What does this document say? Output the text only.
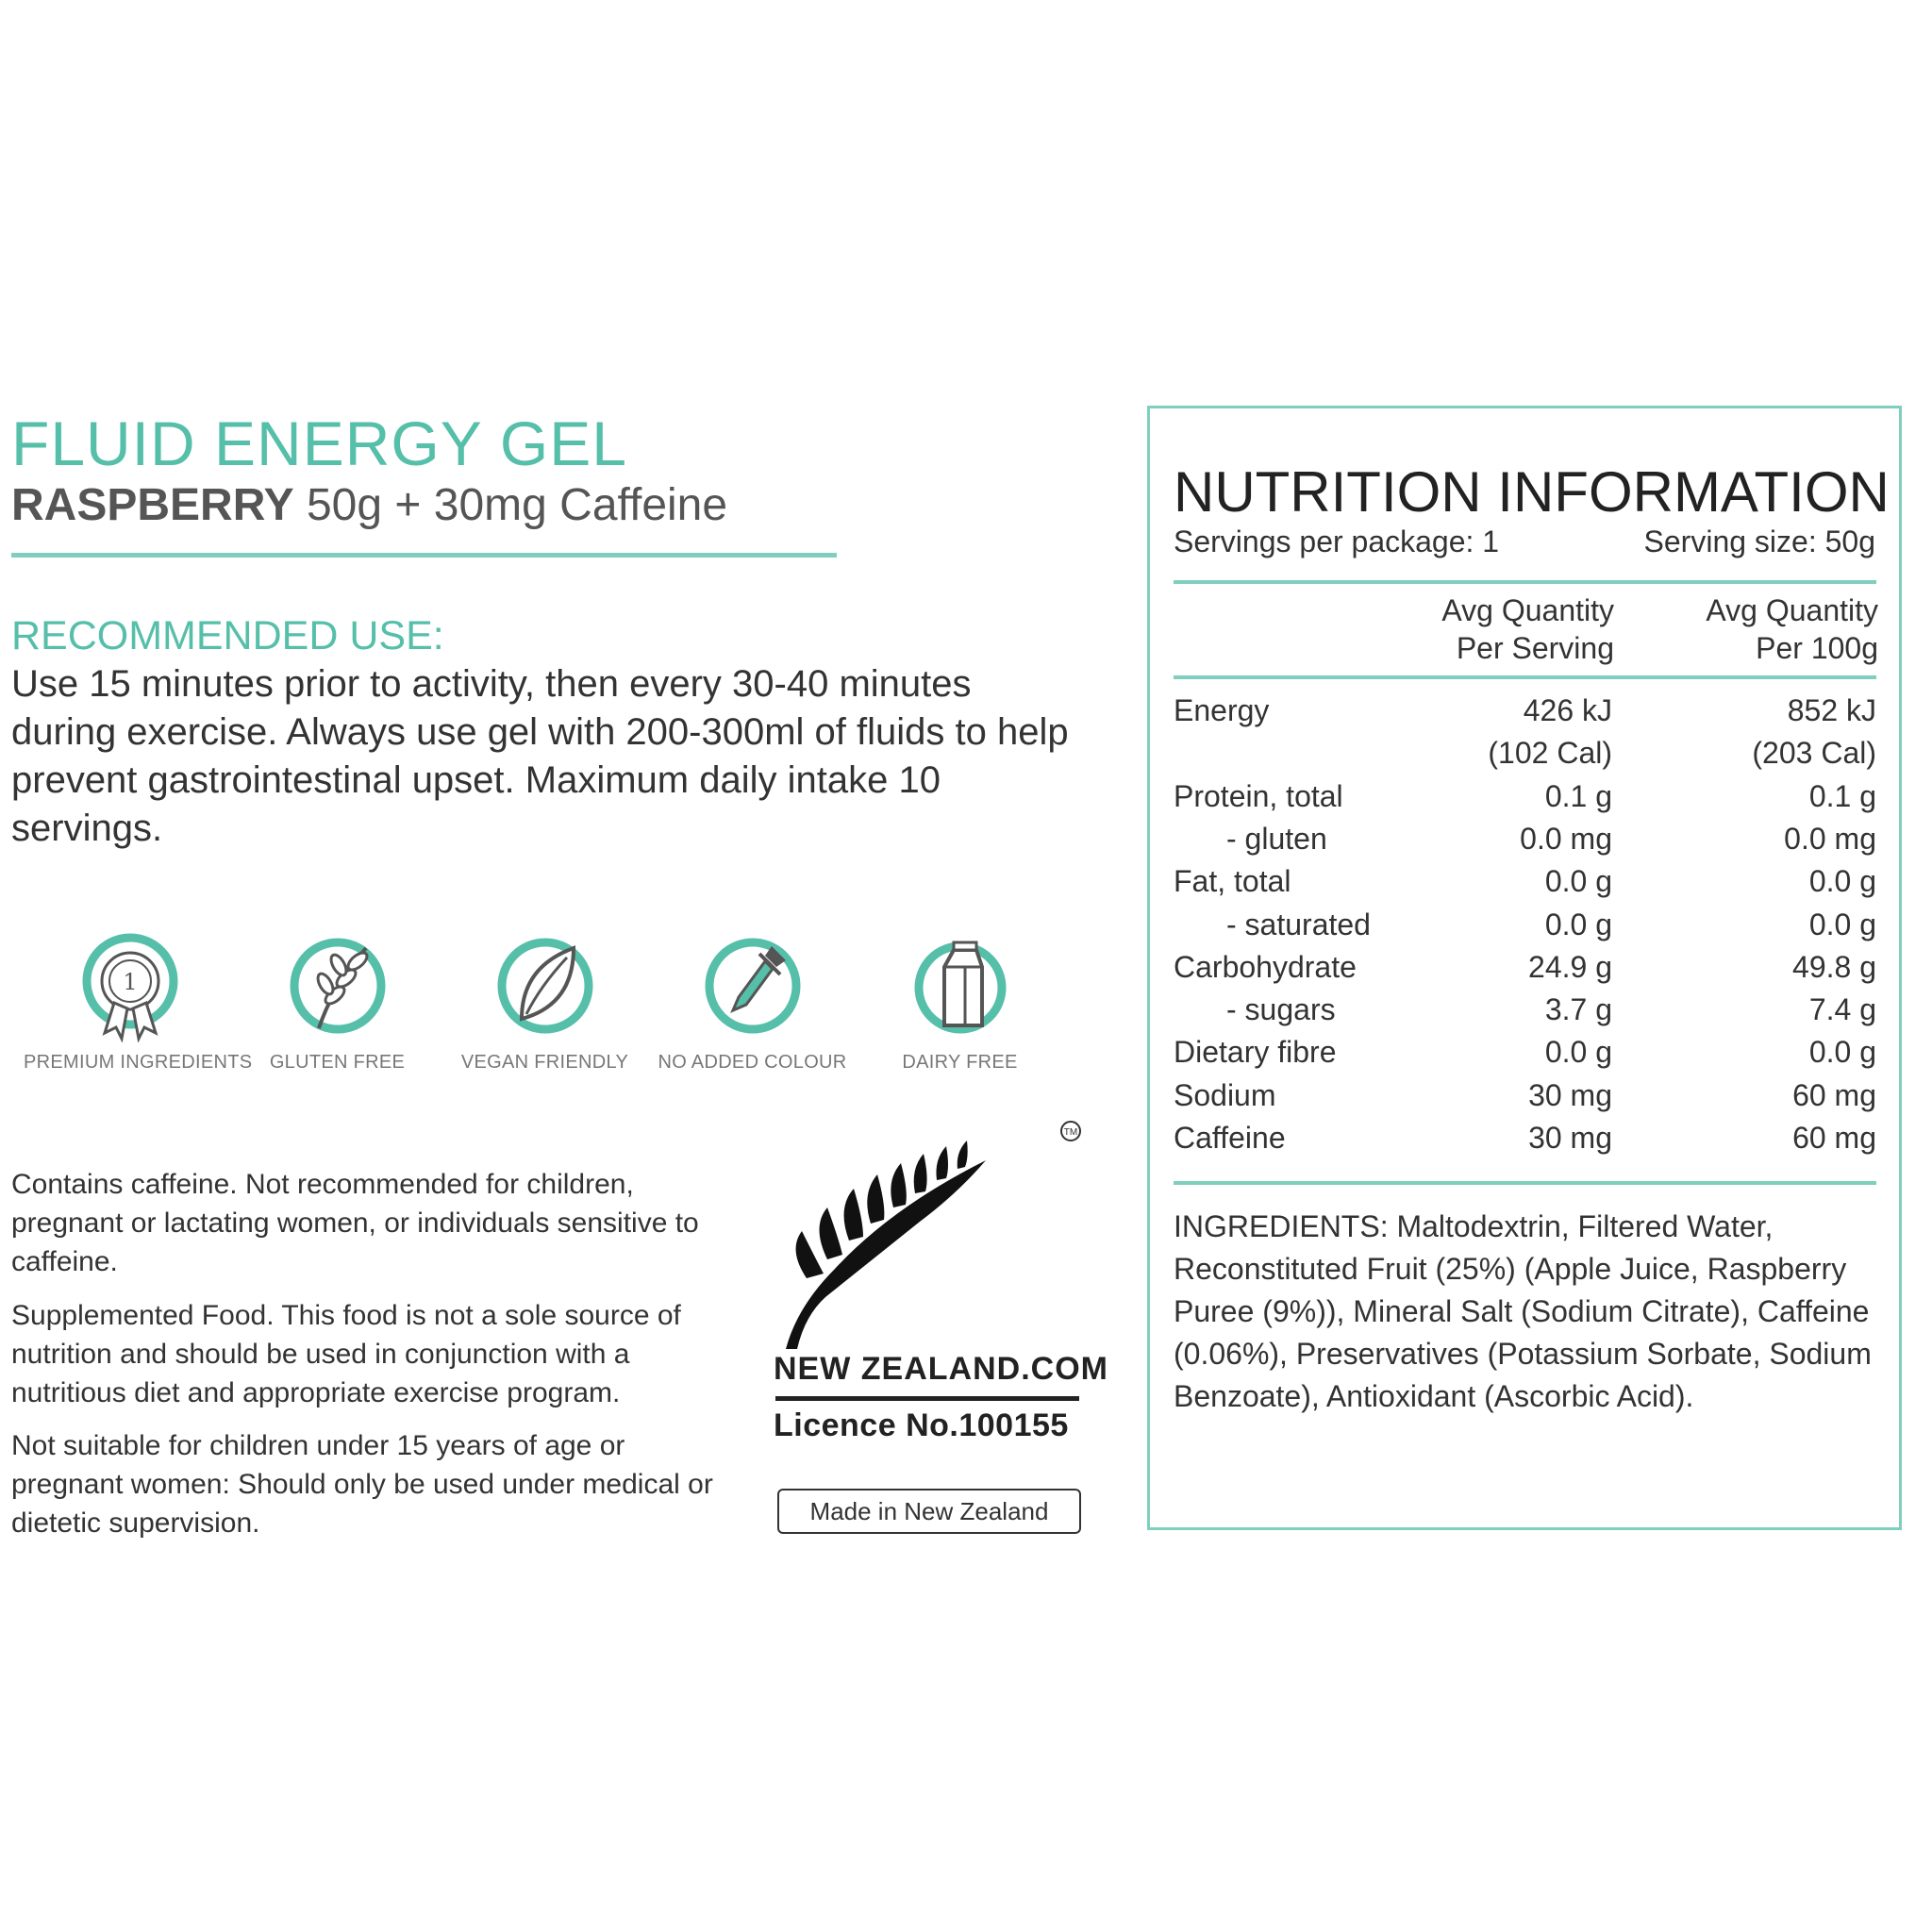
FLUID ENERGY GEL
RASPBERRY 50g + 30mg Caffeine
RECOMMENDED USE:
Use 15 minutes prior to activity, then every 30-40 minutes during exercise. Always use gel with 200-300ml of fluids to help prevent gastrointestinal upset. Maximum daily intake 10 servings.
1
PREMIUM INGREDIENTS GLUTEN FREE	VEGAN FRIENDLY	NO ADDED COLOUR	DAIRY FREE
Contains caffeine. Not recommended for children, pregnant or lactating women, or individuals sensitive to caffeine.
Supplemented Food. This food is not a sole source of nutrition and should be used in conjunction with a nutritious diet and appropriate exercise program.
Not suitable for children under 15 years of age or pregnant women: Should only be used under medical or dietetic supervision.
TM
NEW ZEALAND.COM
Licence No.100155
Made in New Zealand
NUTRITION INFORMATION
Servings per package: 1	Serving size: 50g
Avg Quantity
Per Serving
Avg Quantity
Per 100g
Energy	426 kJ	852 kJ
(102 Cal)	(203 Cal)
Protein, total	0.1 g	0.1 g
- gluten	0.0 mg	0.0 mg
Fat, total	0.0 g	0.0 g
- saturated	0.0 g	0.0 g
Carbohydrate	24.9 g	49.8 g
- sugars	3.7 g	7.4 g
Dietary fibre	0.0 g	0.0 g
Sodium	30 mg	60 mg
Caffeine	30 mg	60 mg
INGREDIENTS: Maltodextrin, Filtered Water, Reconstituted Fruit (25%) (Apple Juice, Raspberry Puree (9%)), Mineral Salt (Sodium Citrate), Caffeine (0.06%), Preservatives (Potassium Sorbate, Sodium Benzoate), Antioxidant (Ascorbic Acid).
